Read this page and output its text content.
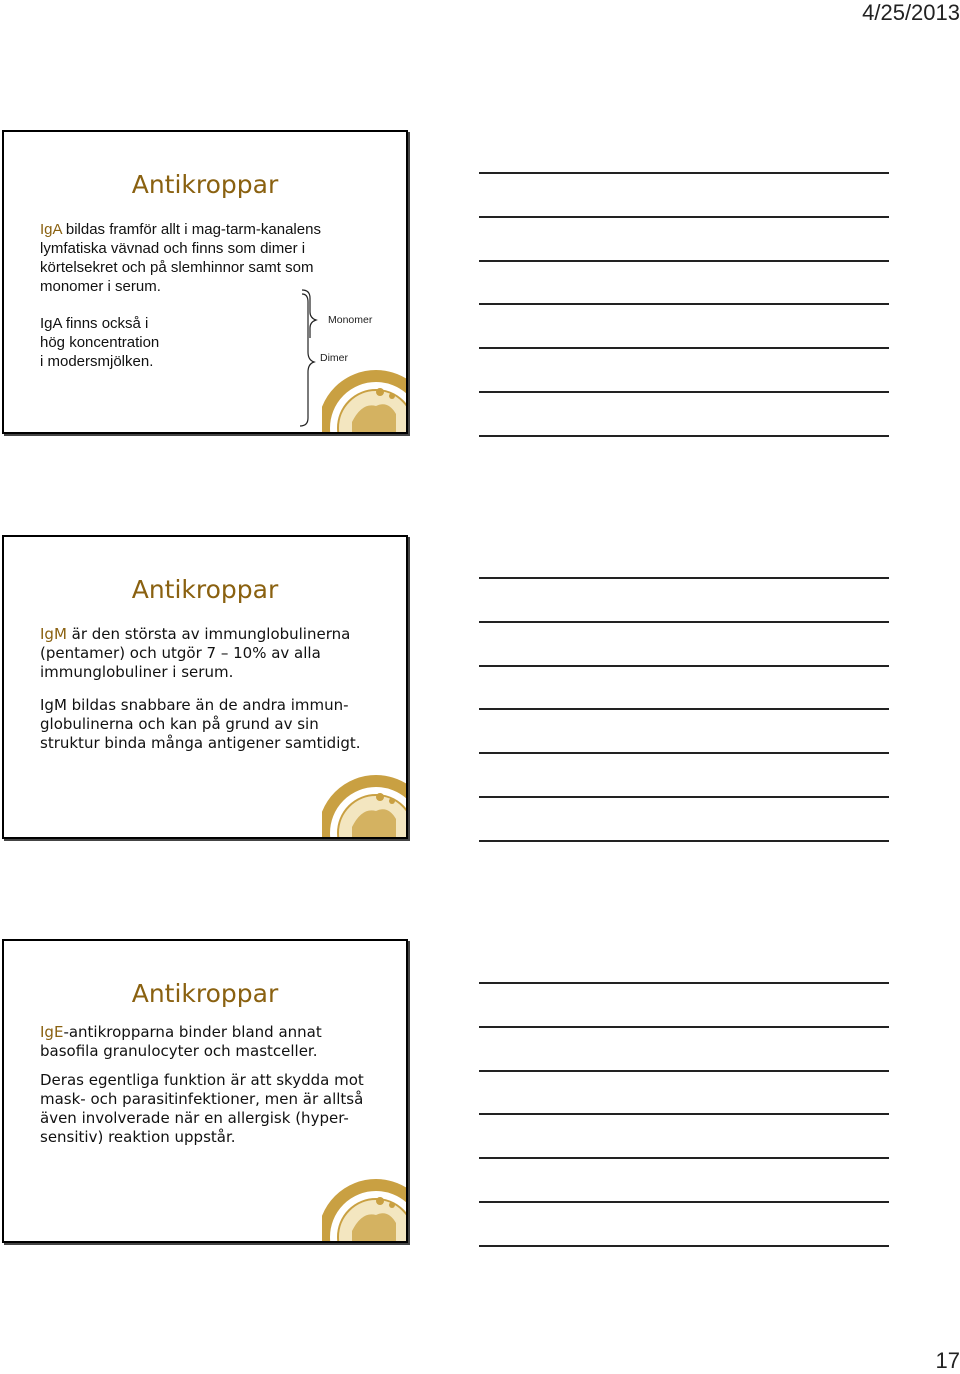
4/25/2013
Antikroppar

IgA bildas framför allt i mag-tarm-kanalens

lymfatiska vävnad och finns som dimer i

körtelsekret och på slemhinnor samt som

monomer i serum.

IgA finns också i

hög koncentration

i modersmjölken.

Monomer
Dimer
Antikroppar

IgM är den största av immunglobulinerna

(pentamer) och utgör 7 – 10% av alla

immunglobuliner i serum.

IgM bildas snabbare än de andra immun-

globulinerna och kan på grund av sin

struktur binda många antigener samtidigt.

Antikroppar

IgE-antikropparna binder bland annat

basofila granulocyter och mastceller.

Deras egentliga funktion är att skydda mot

mask- och parasitinfektioner, men är alltså

även involverade när en allergisk (hyper-

sensitiv) reaktion uppstår.

17
